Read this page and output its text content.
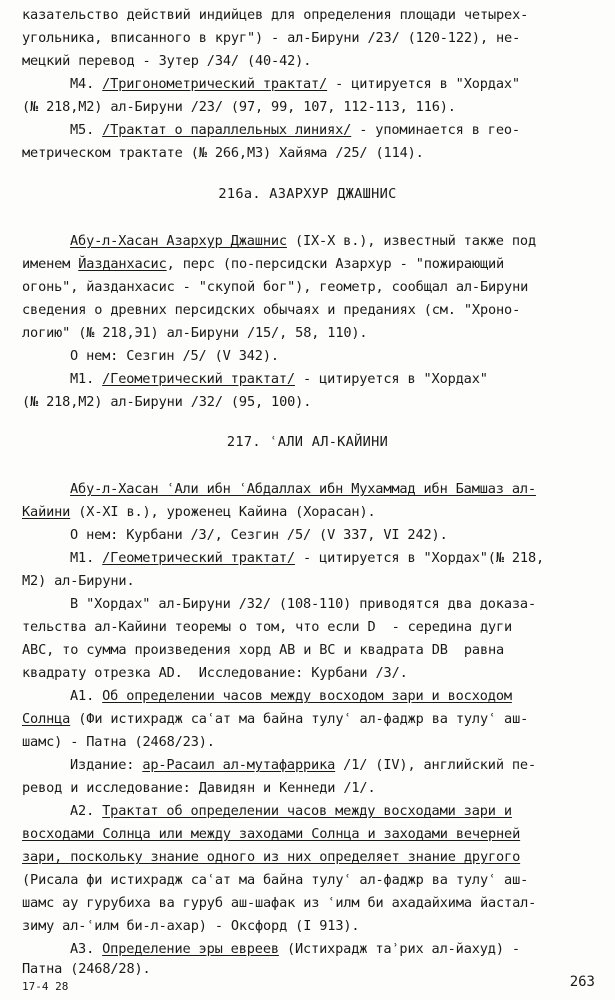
казательство действий индийцев для определения площади четырех-
угольника, вписанного в круг") - ал-Бируни /23/ (120-122), не-
мецкий перевод - Зутер /34/ (40-42).
М4. /Тригонометрический трактат/ - цитируется в "Хордах"
(№ 218,М2) ал-Бируни /23/ (97, 99, 107, 112-113, 116).
М5. /Трактат о параллельных линиях/ - упоминается в гео-
метрическом трактате (№ 266,М3) Хайяма /25/ (114).
216а. АЗАРХУР ДЖАШНИС
Абу-л-Хасан Азархур Джашнис (IX-X в.), известный также под
именем Йазданхасис, перс (по-персидски Азархур - "пожирающий
огонь", йазданхасис - "скупой бог"), геометр, сообщал ал-Бируни
сведения о древних персидских обычаях и преданиях (см. "Хроно-
логию" (№ 218,Э1) ал-Бируни /15/, 58, 110).
О нем: Сезгин /5/ (V 342).
М1. /Геометрический трактат/ - цитируется в "Хордах"
(№ 218,М2) ал-Бируни /32/ (95, 100).
217. ʿАЛИ АЛ-КАЙИНИ
Абу-л-Хасан ʿАли ибн ʿАбдаллах ибн Мухаммад ибн Бамшаз ал-
Кайини (X-XI в.), уроженец Кайина (Хорасан).
О нем: Курбани /3/, Сезгин /5/ (V 337, VI 242).
М1. /Геометрический трактат/ - цитируется в "Хордах"(№ 218,
М2) ал-Бируни.
В "Хордах" ал-Бируни /32/ (108-110) приводятся два доказа-
тельства ал-Кайини теоремы о том, что если D  - середина дуги
АВС, то сумма произведения хорд АВ и ВС и квадрата DB  равна
квадрату отрезка AD.  Исследование: Курбани /3/.
А1. Об определении часов между восходом зари и восходом
Солнца (Фи истихрадж саʿат ма байна тулуʿ ал-фаджр ва тулуʿ аш-
шамс) - Патна (2468/23).
Издание: ар-Расаил ал-мутафаррика /1/ (IV), английский пе-
ревод и исследование: Давидян и Кеннеди /1/.
А2. Трактат об определении часов между восходами зари и
восходами Солнца или между заходами Солнца и заходами вечерней
зари, поскольку знание одного из них определяет знание другого
(Рисала фи истихрадж саʿат ма байна тулуʿ ал-фаджр ва тулуʿ аш-
шамс ау гурубиха ва гуруб аш-шафак из ʿилм би ахадайхима йастал-
зиму ал-ʿилм би-л-ахар) - Оксфорд (I 913).
А3. Определение эры евреев (Истихрадж таʾрих ал-йахуд) -
Патна (2468/28).
17-4 28	263
